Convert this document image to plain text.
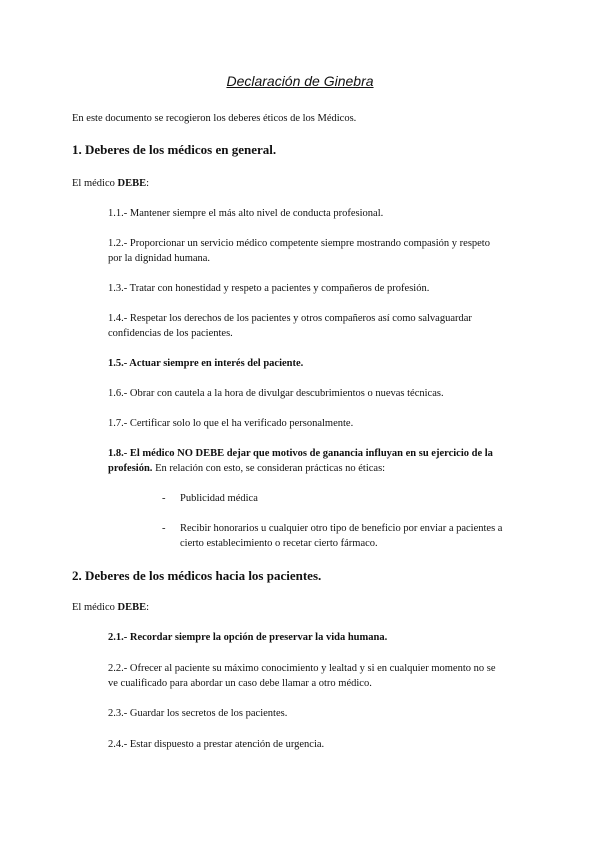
Declaración de Ginebra

En este documento se recogieron los deberes éticos de los Médicos.

1. Deberes de los médicos en general.

El médico DEBE:

1.1.- Mantener siempre el más alto nivel de conducta profesional.

1.2.- Proporcionar un servicio médico competente siempre mostrando compasión y respeto

por la dignidad humana.

1.3.- Tratar con honestidad y respeto a pacientes y compañeros de profesión.

1.4.- Respetar los derechos de los pacientes y otros compañeros así como salvaguardar

confidencias de los pacientes.

1.5.- Actuar siempre en interés del paciente.

1.6.- Obrar con cautela a la hora de divulgar descubrimientos o nuevas técnicas.

1.7.- Certificar solo lo que el ha verificado personalmente.

1.8.- El médico NO DEBE dejar que motivos de ganancia influyan en su ejercicio de la

profesión. En relación con esto, se consideran prácticas no éticas:

- Publicidad médica

- Recibir honorarios u cualquier otro tipo de beneficio por enviar a pacientes a

cierto establecimiento o recetar cierto fármaco.

2. Deberes de los médicos hacia los pacientes.

El médico DEBE:

2.1.- Recordar siempre la opción de preservar la vida humana.

2.2.- Ofrecer al paciente su máximo conocimiento y lealtad y si en cualquier momento no se

ve cualificado para abordar un caso debe llamar a otro médico.

2.3.- Guardar los secretos de los pacientes.

2.4.- Estar dispuesto a prestar atención de urgencia.
